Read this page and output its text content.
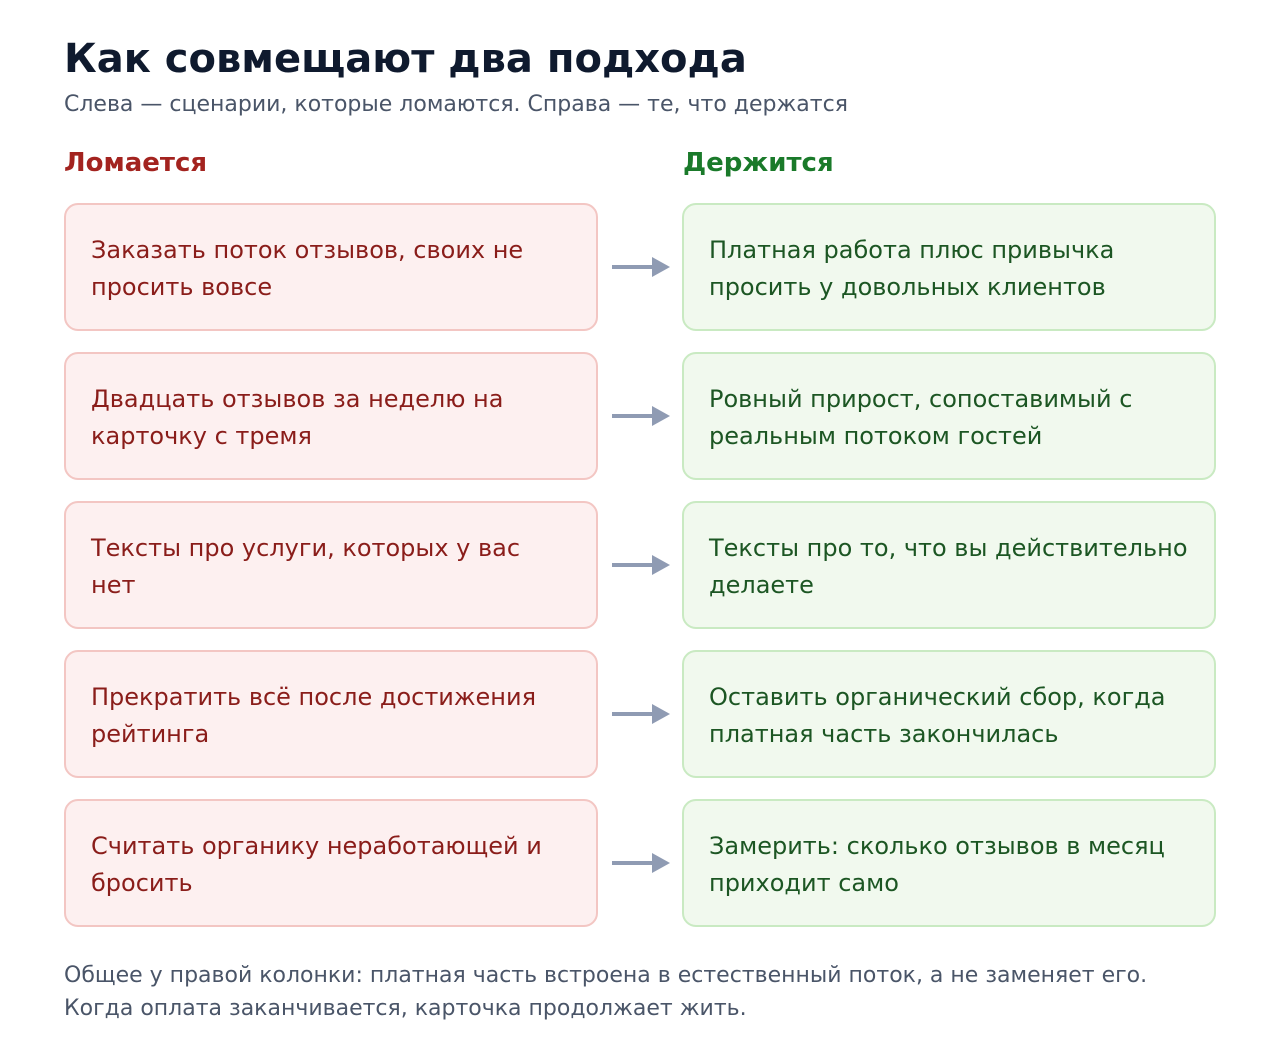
Как совмещают два подхода
Слева — сценарии, которые ломаются. Справа — те, что держатся
Ломается	Держится
Заказать поток отзывов, своих не просить вовсе
Платная работа плюс привычка просить у довольных клиентов
Двадцать отзывов за неделю на карточку с тремя
Ровный прирост, сопоставимый с реальным потоком гостей
Тексты про услуги, которых у вас нет
Тексты про то, что вы действительно делаете
Прекратить всё после достижения рейтинга
Оставить органический сбор, когда платная часть закончилась
Считать органику неработающей и бросить
Замерить: сколько отзывов в месяц приходит само
Общее у правой колонки: платная часть встроена в естественный поток, а не заменяет его. Когда оплата заканчивается, карточка продолжает жить.
